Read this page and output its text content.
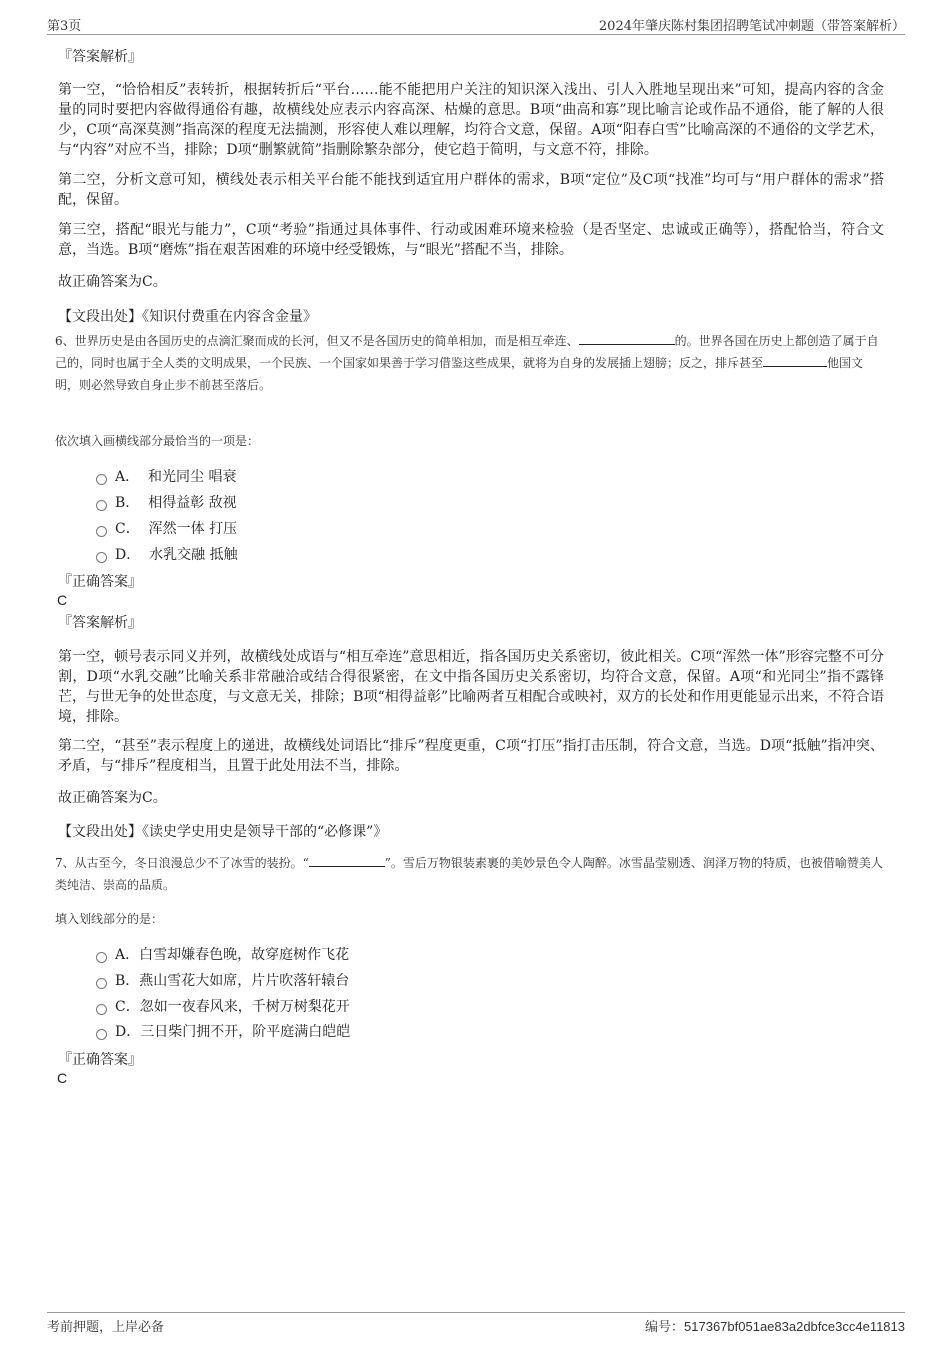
第3页	2024年肇庆陈村集团招聘笔试冲刺题（带答案解析）
『答案解析』
第一空，“恰恰相反”表转折，根据转折后“平台……能不能把用户关注的知识深入浅出、引人入胜地呈现出来”可知，提高内容的含金量的同时要把内容做得通俗有趣，故横线处应表示内容高深、枯燥的意思。B项“曲高和寡”现比喻言论或作品不通俗，能了解的人很少，C项“高深莫测”指高深的程度无法揣测，形容使人难以理解，均符合文意，保留。A项“阳春白雪”比喻高深的不通俗的文学艺术，与“内容”对应不当，排除；D项“删繁就简”指删除繁杂部分，使它趋于简明，与文意不符，排除。
第二空，分析文意可知，横线处表示相关平台能不能找到适宜用户群体的需求，B项“定位”及C项“找准”均可与“用户群体的需求”搭配，保留。
第三空，搭配“眼光与能力”，C项“考验”指通过具体事件、行动或困难环境来检验（是否坚定、忠诚或正确等），搭配恰当，符合文意，当选。B项“磨炼”指在艰苦困难的环境中经受锻炼，与“眼光”搭配不当，排除。
故正确答案为C。
【文段出处】《知识付费重在内容含金量》
6、世界历史是由各国历史的点滴汇聚而成的长河，但又不是各国历史的简单相加，而是相互牵连、	的。世界各国在历史上都创造了属于自己的，同时也属于全人类的文明成果，一个民族、一个国家如果善于学习借鉴这些成果，就将为自身的发展插上翅膀；反之，排斥甚至	他国文明，则必然导致自身止步不前甚至落后。
依次填入画横线部分最恰当的一项是：
A． 和光同尘 唱衰
B． 相得益彰 敌视
C． 浑然一体 打压
D． 水乳交融 抵触
『正确答案』
C
『答案解析』
第一空，顿号表示同义并列，故横线处成语与“相互牵连”意思相近，指各国历史关系密切，彼此相关。C项“浑然一体”形容完整不可分割，D项“水乳交融”比喻关系非常融洽或结合得很紧密，在文中指各国历史关系密切，均符合文意，保留。A项“和光同尘”指不露锋芒，与世无争的处世态度，与文意无关，排除；B项“相得益彰”比喻两者互相配合或映衬，双方的长处和作用更能显示出来，不符合语境，排除。
第二空，“甚至”表示程度上的递进，故横线处词语比“排斥”程度更重，C项“打压”指打击压制，符合文意，当选。D项“抵触”指冲突、矛盾，与“排斥”程度相当，且置于此处用法不当，排除。
故正确答案为C。
【文段出处】《读史学史用史是领导干部的“必修课”》
7、从古至今，冬日浪漫总少不了冰雪的装扮。“	”。雪后万物银装素裹的美妙景色令人陶醉。冰雪晶莹剔透、润泽万物的特质，也被借喻赞美人类纯洁、崇高的品质。
填入划线部分的是：
A．白雪却嫌春色晚，故穿庭树作飞花
B．燕山雪花大如席，片片吹落轩辕台
C．忽如一夜春风来，千树万树梨花开
D．三日柴门拥不开，阶平庭满白皑皑
『正确答案』
C
考前押题，上岸必备	编号：517367bf051ae83a2dbfce3cc4e11813
